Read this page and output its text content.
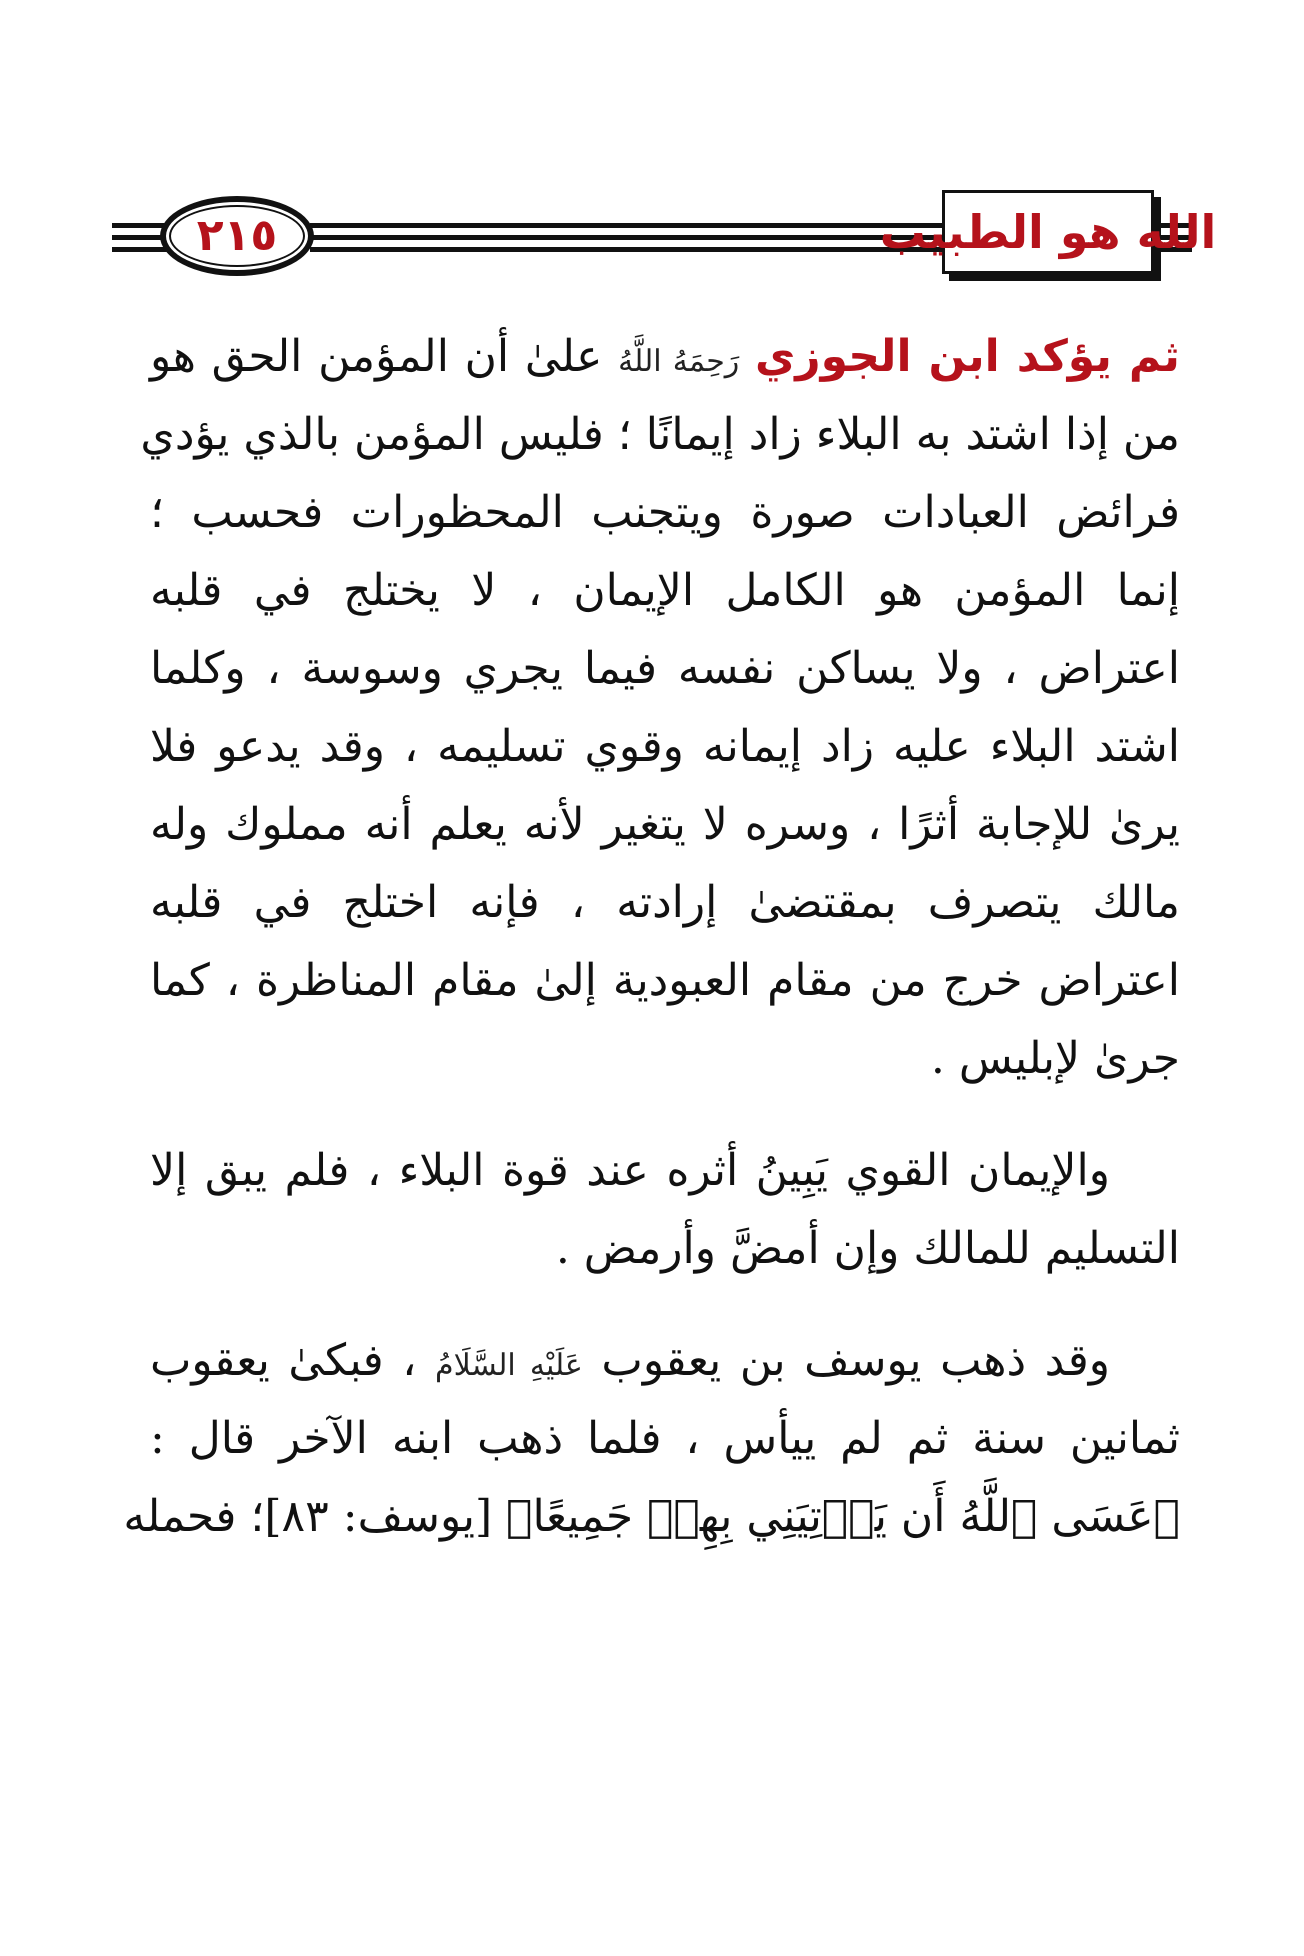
٢١٥	الله هو الطبيب
ثم يؤكد ابن الجوزي رَحِمَهُ اللَّهُ علىٰ أن المؤمن الحق هو
من إذا اشتد به البلاء زاد إيمانًا ؛ فليس المؤمن بالذي يؤدي
فرائض العبادات صورة ويتجنب المحظورات فحسب ؛
إنما المؤمن هو الكامل الإيمان ، لا يختلج في قلبه
اعتراض ، ولا يساكن نفسه فيما يجري وسوسة ، وكلما
اشتد البلاء عليه زاد إيمانه وقوي تسليمه ، وقد يدعو فلا
يرىٰ للإجابة أثرًا ، وسره لا يتغير لأنه يعلم أنه مملوك وله
مالك يتصرف بمقتضىٰ إرادته ، فإنه اختلج في قلبه
اعتراض خرج من مقام العبودية إلىٰ مقام المناظرة ، كما
جرىٰ لإبليس .
والإيمان القوي يَبِينُ أثره عند قوة البلاء ، فلم يبق إلا
التسليم للمالك وإن أمضَّ وأرمض .
وقد ذهب يوسف بن يعقوب عَلَيْهِ السَّلَامُ ، فبكىٰ يعقوب
ثمانين سنة ثم لم ييأس ، فلما ذهب ابنه الآخر قال :
﴿عَسَى ٱللَّهُ أَن يَأۡتِيَنِي بِهِمۡ جَمِيعًا﴾ [يوسف: ٨٣]؛ فحمله
